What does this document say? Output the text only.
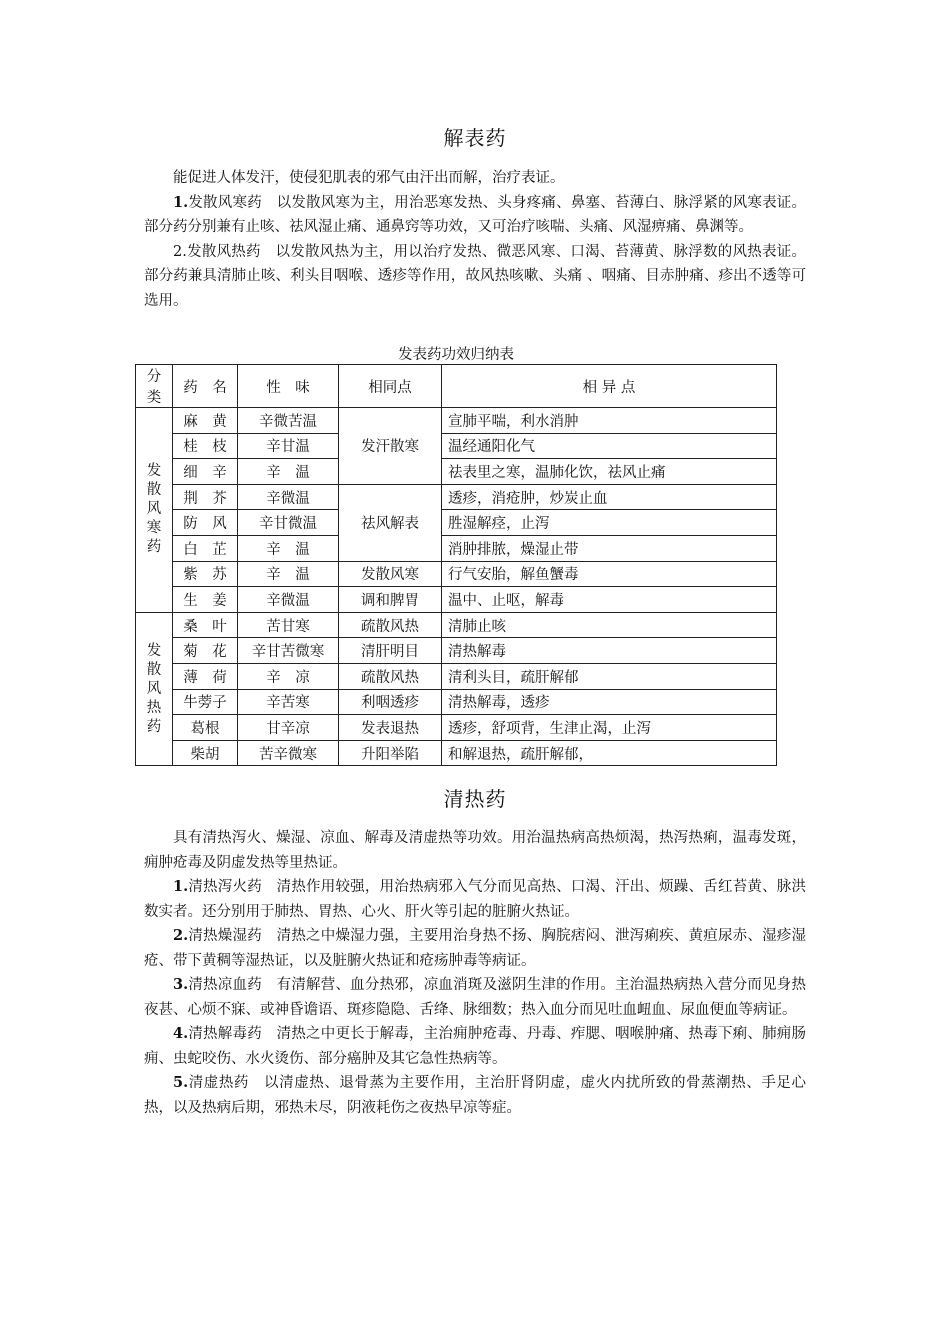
解表药

能促进人体发汗，使侵犯肌表的邪气由汗出而解，治疗表证。

1.发散风寒药　以发散风寒为主，用治恶寒发热、头身疼痛、鼻塞、苔薄白、脉浮紧的风寒表证。部分药分别兼有止咳、祛风湿止痛、通鼻窍等功效，又可治疗咳喘、头痛、风湿痹痛、鼻渊等。

2.发散风热药　以发散风热为主，用以治疗发热、微恶风寒、口渴、苔薄黄、脉浮数的风热表证。部分药兼具清肺止咳、利头目咽喉、透疹等作用，故风热咳嗽、头痛 、咽痛、目赤肿痛、疹出不透等可选用。

发表药功效归纳表
分类	药　名	性　味	相同点	相 异 点

发
散
风
寒
药	麻　黄	辛微苦温	发汗散寒	宣肺平喘，利水消肿
	桂　枝	辛甘温		温经通阳化气
	细　辛	辛　温		祛表里之寒，温肺化饮，祛风止痛
	荆　芥	辛微温	祛风解表	透疹，消疮肿，炒炭止血
	防　风	辛甘微温		胜湿解痉，止泻
	白　芷	辛　温		消肿排脓，燥湿止带
	紫　苏	辛　温	发散风寒	行气安胎，解鱼蟹毒
	生　姜	辛微温	调和脾胃	温中、止呕，解毒

发
散
风
热
药	桑　叶	苦甘寒	疏散风热	清肺止咳
	菊　花	辛甘苦微寒	清肝明目	清热解毒
	薄　荷	辛　凉	疏散风热	清利头目，疏肝解郁
	牛蒡子	辛苦寒	利咽透疹	清热解毒，透疹
	葛根	甘辛凉	发表退热	透疹，舒项背，生津止渴，止泻
	柴胡	苦辛微寒	升阳举陷	和解退热，疏肝解郁，
清热药

具有清热泻火、燥湿、凉血、解毒及清虚热等功效。用治温热病高热烦渴，热泻热痢，温毒发斑，痈肿疮毒及阴虚发热等里热证。

1.清热泻火药　清热作用较强，用治热病邪入气分而见高热、口渴、汗出、烦躁、舌红苔黄、脉洪数实者。还分别用于肺热、胃热、心火、肝火等引起的脏腑火热证。

2.清热燥湿药　清热之中燥湿力强，主要用治身热不扬、胸脘痞闷、泄泻痢疾、黄疸尿赤、湿疹湿疮、带下黄稠等湿热证，以及脏腑火热证和疮疡肿毒等病证。

3.清热凉血药　有清解营、血分热邪，凉血消斑及滋阴生津的作用。主治温热病热入营分而见身热夜甚、心烦不寐、或神昏谵语、斑疹隐隐、舌绛、脉细数；热入血分而见吐血衄血、尿血便血等病证。

4.清热解毒药　清热之中更长于解毒，主治痈肿疮毒、丹毒、痄腮、咽喉肿痛、热毒下痢、肺痈肠痈、虫蛇咬伤、水火烫伤、部分癌肿及其它急性热病等。

5.清虚热药　以清虚热、退骨蒸为主要作用，主治肝肾阴虚，虚火内扰所致的骨蒸潮热、手足心热，以及热病后期，邪热未尽，阴液耗伤之夜热早凉等症。
